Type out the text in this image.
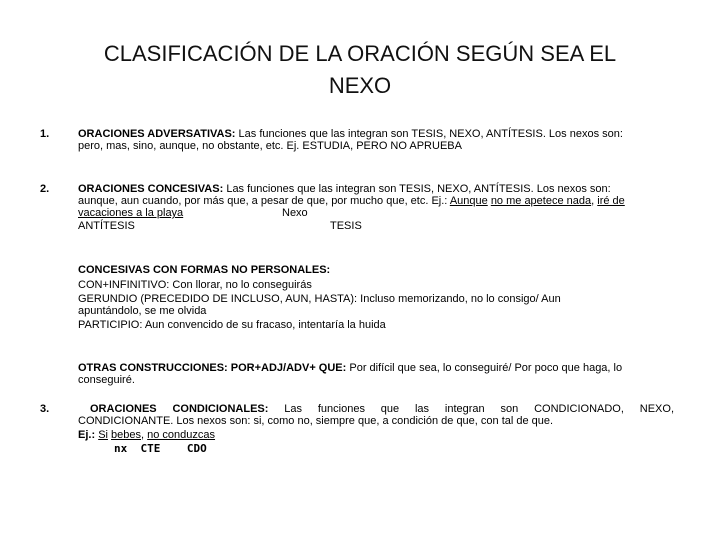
CLASIFICACIÓN DE LA ORACIÓN SEGÚN SEA EL
NEXO
1.	ORACIONES ADVERSATIVAS: Las funciones que las integran son TESIS, NEXO, ANTÍTESIS. Los nexos son:
pero, mas, sino, aunque, no obstante, etc. Ej. ESTUDIA, PERO NO APRUEBA
2.	ORACIONES CONCESIVAS: Las funciones que las integran son TESIS, NEXO, ANTÍTESIS. Los nexos son:
aunque, aun cuando, por más que, a pesar de que, por mucho que, etc. Ej.: Aunque no me apetece nada, iré de
vacaciones a la playa	Nexo
ANTÍTESIS	TESIS
CONCESIVAS CON FORMAS NO PERSONALES:
CON+INFINITIVO: Con llorar, no lo conseguirás
GERUNDIO (PRECEDIDO DE INCLUSO, AUN, HASTA): Incluso memorizando, no lo consigo/ Aun
apuntándolo, se me olvida
PARTICIPIO: Aun convencido de su fracaso, intentaría la huida
OTRAS CONSTRUCCIONES: POR+ADJ/ADV+ QUE: Por difícil que sea, lo conseguiré/ Por poco que haga, lo
conseguiré.
3.	ORACIONES CONDICIONALES: Las funciones que las integran son CONDICIONADO, NEXO,
CONDICIONANTE. Los nexos son: si, como no, siempre que, a condición de que, con tal de que.
Ej.: Si bebes, no conduzcas
nx  CTE    CDO
